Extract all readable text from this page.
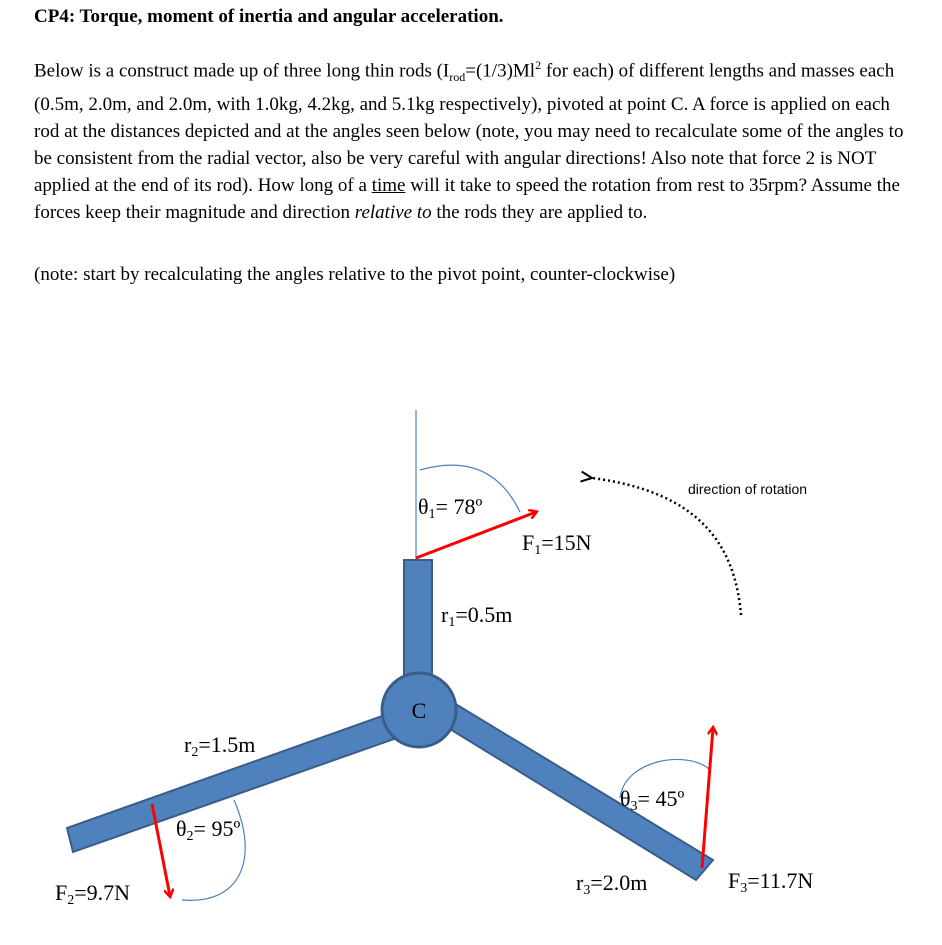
CP4: Torque, moment of inertia and angular acceleration.

Below is a construct made up of three long thin rods ($I_{rod}=(1/3)Ml^2$ for each) of different lengths and masses each (0.5m, 2.0m, and 2.0m, with 1.0kg, 4.2kg, and 5.1kg respectively), pivoted at point C. A force is applied on each rod at the distances depicted and at the angles seen below (note, you may need to recalculate some of the angles to be consistent from the radial vector, also be very careful with angular directions! Also note that force 2 is NOT applied at the end of its rod). How long of a time will it take to speed the rotation from rest to 35rpm? Assume the forces keep their magnitude and direction relative to the rods they are applied to.

(note: start by recalculating the angles relative to the pivot point, counter-clockwise)
C
direction of rotation
θ1= 78º
F1=15N
r1=0.5m
r2=1.5m
θ2= 95º
F2=9.7N
θ3= 45º
r3=2.0m	F3=11.7N
